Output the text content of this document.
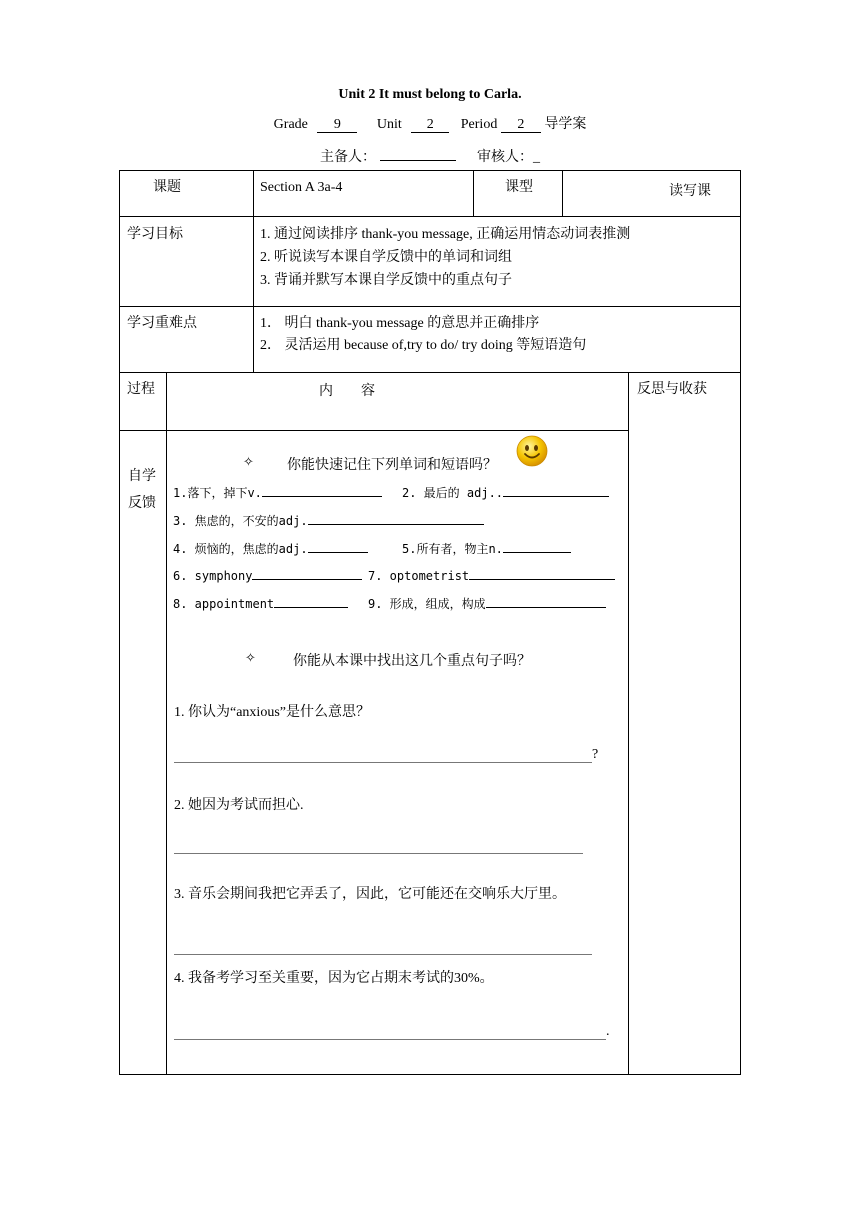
Unit 2 It must belong to Carla.
Grade 9	Unit 2 Period 2 导学案
主备人：	审核人：_
课题	Section A 3a-4	课型	读写课
学习目标	1. 通过阅读排序 thank-you message, 正确运用情态动词表推测
2. 听说读写本课自学反馈中的单词和词组
3. 背诵并默写本课自学反馈中的重点句子
学习重难点	1． 明白 thank-you message 的意思并正确排序
2． 灵活运用 because of,try to do/ try doing 等短语造句
过程	内　　容	反思与收获
自学
反馈
✧ 你能快速记住下列单词和短语吗？
1.落下，掉下v.	2. 最后的 adj..
3. 焦虑的，不安的adj.
4. 烦恼的，焦虑的adj.	5.所有者，物主n.
6. symphony	7. optometrist
8. appointment	9. 形成，组成，构成
✧	你能从本课中找出这几个重点句子吗？
1. 你认为“anxious”是什么意思？
?
2. 她因为考试而担心.
3. 音乐会期间我把它弄丢了，因此，它可能还在交响乐大厅里。
4. 我备考学习至关重要，因为它占期末考试的30%。
.
